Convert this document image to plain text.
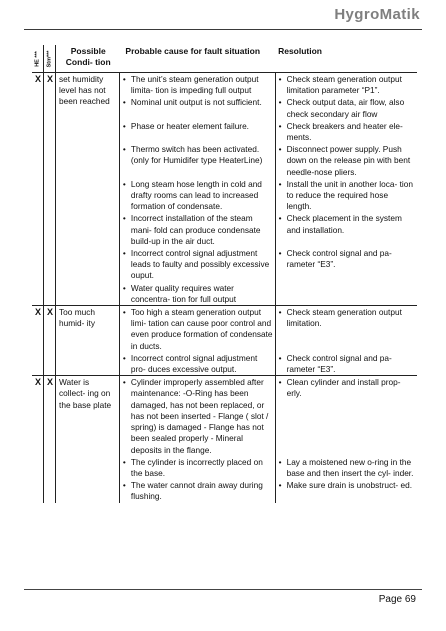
HygroMatik
HE ***	Stm***	Possible Condi- tion	Probable cause for fault situation	Resolution
X	X	set humidity level has not been reached	• The unit’s steam generation output limita- tion is impeding full output	• Check steam generation output limitation parameter “P1”.

			• Nominal unit output is not sufficient.	• Check output data, air flow, also check secondary air flow

			• Phase or heater element failure.	• Check breakers and heater ele- ments.

			• Thermo switch has been activated. (only for Humidifer type HeaterLine)	• Disconnect power supply. Push down on the release pin with bent needle-nose pliers.

			• Long steam hose length in cold and drafty rooms can lead to increased formation of condensate.	• Install the unit in another loca- tion to reduce the required hose length.

			• Incorrect installation of the steam mani- fold can produce condensate build-up in the air duct.	• Check placement in the system and installation.

			• Incorrect control signal adjustment leads to faulty and possibly excessive ouput.	• Check control signal and pa- rameter “E3”.

			• Water quality requires water concentra- tion for full output

X	X	Too much humid- ity	• Too high a steam generation output limi- tation can cause poor control and even produce formation of condensate in ducts.	• Check steam generation output limitation.

			• Incorrect control signal adjustment pro- duces excessive output.	• Check control signal and pa- rameter “E3”.

X	X	Water is collect- ing on the base plate	• Cylinder improperly assembled after maintenance: -O-Ring has been damaged, has not been replaced, or has not been inserted - Flange ( slot / spring) is damaged - Flange has not been sealed properly - Mineral deposits in the flange.	• Clean cylinder and install prop- erly.

			• The cylinder is incorrectly placed on the base.	• Lay a moistened new o-ring in the base and then insert the cyl- inder.

			• The water cannot drain away during flushing.	• Make sure drain is unobstruct- ed.
Page 69
